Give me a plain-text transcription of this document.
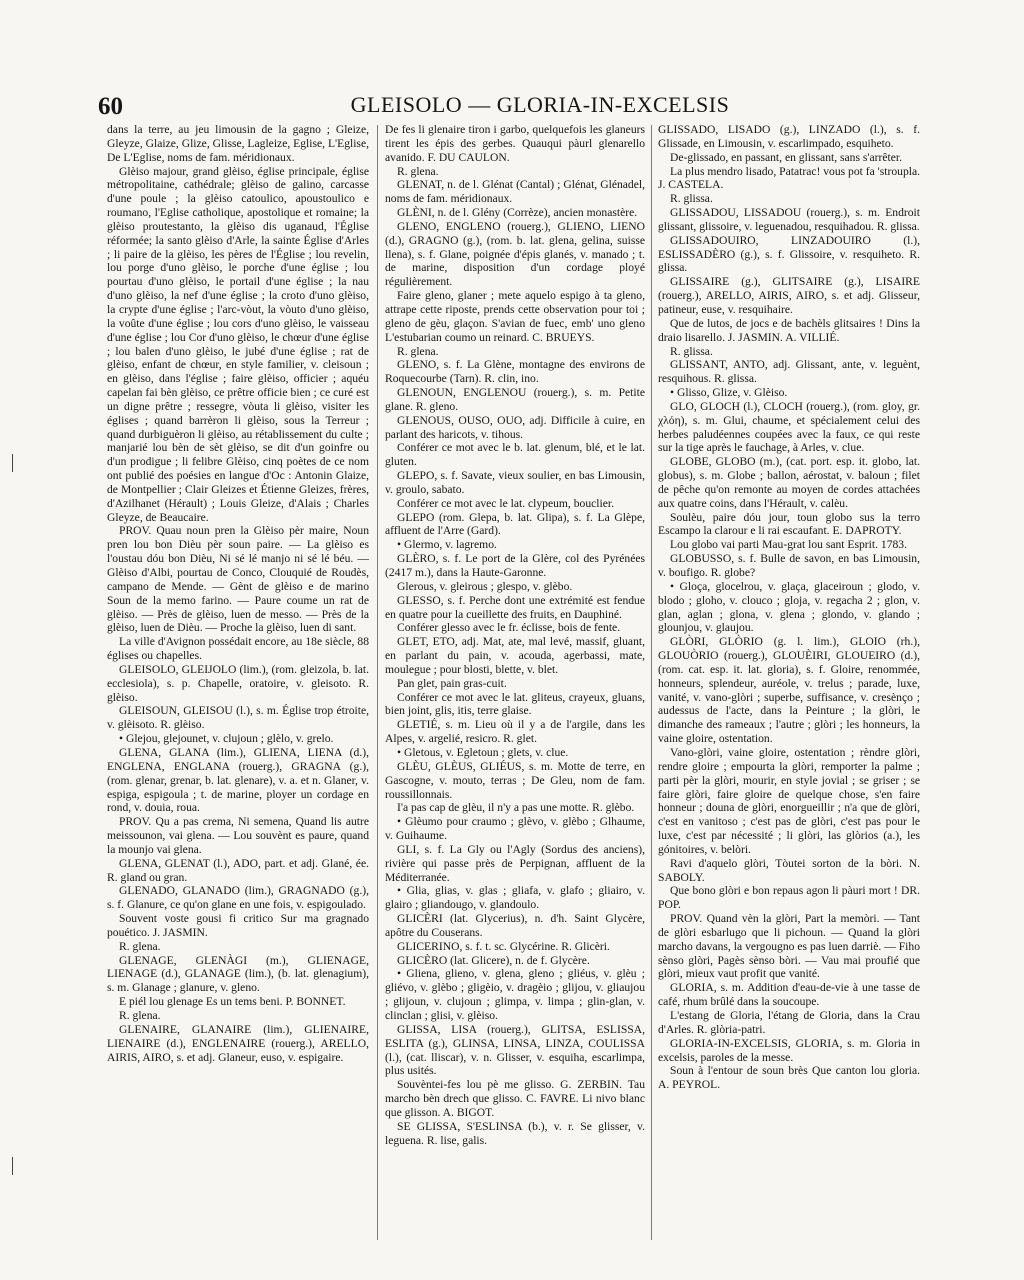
60	GLEISOLO — GLORIA-IN-EXCELSIS

dans la terre, au jeu limousin de la gagno ; Gleize, Gleyze, Glaize, Glize, Glisse, Lagleize, Eglise, L'Eglise, De L'Eglise, noms de fam. méridionaux.

Glèiso majour, grand glèiso, église principale, église métropolitaine, cathédrale; glèiso de galino, carcasse d'une poule ; la glèiso catoulico, apoustoulico e roumano, l'Eglise catholique, apostolique et romaine; la glèiso proutestanto, la glèiso dis uganaud, l'Église réformée; la santo glèiso d'Arle, la sainte Église d'Arles ; li paire de la glèiso, les pères de l'Église ; lou revelin, lou porge d'uno glèiso, le porche d'une église ; lou pourtau d'uno glèiso, le portail d'une église ; la nau d'uno glèiso, la nef d'une église ; la croto d'uno glèiso, la crypte d'une église ; l'arc-vòut, la vòuto d'uno glèiso, la voûte d'une église ; lou cors d'uno glèiso, le vaisseau d'une église ; lou Cor d'uno glèiso, le chœur d'une église ; lou balen d'uno glèiso, le jubé d'une église ; rat de glèiso, enfant de chœur, en style familier, v. cleisoun ; en glèiso, dans l'église ; faire glèiso, officier ; aquéu capelan fai bèn glèiso, ce prêtre officie bien ; ce curé est un digne prêtre ; ressegre, vòuta li glèiso, visiter les églises ; quand barrèron li glèiso, sous la Terreur ; quand durbiguèron li glèiso, au rétablissement du culte ; manjarié lou bèn de sèt glèiso, se dit d'un goinfre ou d'un prodigue ; li felibre Glèiso, cinq poètes de ce nom ont publié des poésies en langue d'Oc : Antonin Glaize, de Montpellier ; Clair Gleizes et Étienne Gleizes, frères, d'Azilhanet (Hérault) ; Louis Gleize, d'Alais ; Charles Gleyze, de Beaucaire.

PROV. Quau noun pren la Glèiso pèr maire, Noun pren lou bon Dièu pèr soun paire. — La glèiso es l'oustau dóu bon Dièu, Ni sé lé manjo ni sé lé béu. — Glèiso d'Albi, pourtau de Conco, Clouquié de Roudès, campano de Mende. — Gènt de glèiso e de marino Soun de la memo farino. — Paure coume un rat de glèiso. — Près de glèiso, luen de messo. — Près de la glèiso, luen de Dièu. — Proche la glèiso, luen di sant.

La ville d'Avignon possédait encore, au 18e siècle, 88 églises ou chapelles.

GLEISOLO, GLEIJOLO (lim.), (rom. gleizola, b. lat. ecclesiola), s. p. Chapelle, oratoire, v. gleisoto. R. glèiso.

GLEISOUN, GLEISOU (l.), s. m. Église trop étroite, v. glèisoto. R. glèiso.

• Glejou, glejounet, v. clujoun ; glèlo, v. grelo.

GLENA, GLANA (lim.), GLIENA, LIENA (d.), ENGLENA, ENGLANA (rouerg.), GRAGNA (g.), (rom. glenar, grenar, b. lat. glenare), v. a. et n. Glaner, v. espiga, espigoula ; t. de marine, ployer un cordage en rond, v. douia, roua.

PROV. Qu a pas crema, Ni semena, Quand lis autre meissounon, vai glena. — Lou souvènt es paure, quand la mounjo vai glena.

GLENA, GLENAT (l.), ADO, part. et adj. Glané, ée. R. gland ou gran.

GLENADO, GLANADO (lim.), GRAGNADO (g.), s. f. Glanure, ce qu'on glane en une fois, v. espigoulado.

Souvent voste gousi fi critico Sur ma gragnado pouético. J. JASMIN.

R. glena.

GLENAGE, GLENÀGI (m.), GLIENAGE, LIENAGE (d.), GLANAGE (lim.), (b. lat. glenagium), s. m. Glanage ; glanure, v. gleno.

E piél lou glenage Es un tems beni. P. BONNET.

R. glena.

GLENAIRE, GLANAIRE (lim.), GLIENAIRE, LIENAIRE (d.), ENGLENAIRE (rouerg.), ARELLO, AIRIS, AIRO, s. et adj. Glaneur, euso, v. espigaire.

De fes li glenaire tiron i garbo, quelquefois les glaneurs tirent les épis des gerbes. Quauqui pàurl glenarello avanido. F. DU CAULON.

R. glena.

GLENAT, n. de l. Glénat (Cantal) ; Glénat, Glénadel, noms de fam. méridionaux.

GLÈNI, n. de l. Glény (Corrèze), ancien monastère.

GLENO, ENGLENO (rouerg.), GLIENO, LIENO (d.), GRAGNO (g.), (rom. b. lat. glena, gelina, suisse llena), s. f. Glane, poignée d'épis glanés, v. manado ; t. de marine, disposition d'un cordage ployé régulièrement.

Faire gleno, glaner ; mete aquelo espigo à ta gleno, attrape cette riposte, prends cette observation pour toi ; gleno de gèu, glaçon. S'avian de fuec, emb' uno gleno L'estubarian coumo un reinard. C. BRUEYS.

R. glena.

GLENO, s. f. La Glène, montagne des environs de Roquecourbe (Tarn). R. clin, ino.

GLENOUN, ENGLENOU (rouerg.), s. m. Petite glane. R. gleno.

GLENOUS, OUSO, OUO, adj. Difficile à cuire, en parlant des haricots, v. tihous.

Conférer ce mot avec le b. lat. glenum, blé, et le lat. gluten.

GLEPO, s. f. Savate, vieux soulier, en bas Limousin, v. groulo, sabato.

Conférer ce mot avec le lat. clypeum, bouclier.

GLEPO (rom. Glepa, b. lat. Glipa), s. f. La Glèpe, affluent de l'Arre (Gard).

• Glermo, v. lagremo.

GLÈRO, s. f. Le port de la Glère, col des Pyrénées (2417 m.), dans la Haute-Garonne.

Glerous, v. gleirous ; glespo, v. glèbo.

GLESSO, s. f. Perche dont une extrémité est fendue en quatre pour la cueillette des fruits, en Dauphiné.

Conférer glesso avec le fr. éclisse, bois de fente.

GLET, ETO, adj. Mat, ate, mal levé, massif, gluant, en parlant du pain, v. acouda, agerbassi, mate, moulegue ; pour blosti, blette, v. blet.

Pan glet, pain gras-cuit.

Conférer ce mot avec le lat. gliteus, crayeux, gluans, bien joint, glis, itis, terre glaise.

GLETIÉ, s. m. Lieu où il y a de l'argile, dans les Alpes, v. argelié, resicro. R. glet.

• Gletous, v. Egletoun ; glets, v. clue.

GLÈU, GLÈUS, GLIÉUS, s. m. Motte de terre, en Gascogne, v. mouto, terras ; De Gleu, nom de fam. roussillonnais.

I'a pas cap de glèu, il n'y a pas une motte. R. glèbo.

• Glèumo pour craumo ; glèvo, v. glèbo ; Glhaume, v. Guihaume.

GLI, s. f. La Gly ou l'Agly (Sordus des anciens), rivière qui passe près de Perpignan, affluent de la Méditerranée.

• Glia, glias, v. glas ; gliafa, v. glafo ; gliairo, v. glairo ; gliandougo, v. glandoulo.

GLICÈRI (lat. Glycerius), n. d'h. Saint Glycère, apôtre du Couserans.

GLICERINO, s. f. t. sc. Glycérine. R. Glicèri.

GLICÈRO (lat. Glicere), n. de f. Glycère.

• Glienа, glieno, v. glena, gleno ; gliéus, v. glèu ; gliévo, v. glèbo ; gligèio, v. dragèio ; glijou, v. gliaujou ; glijoun, v. clujoun ; glimpa, v. limpa ; glin-glan, v. clinclan ; glisi, v. glèiso.

GLISSA, LISA (rouerg.), GLITSA, ESLISSA, ESLITA (g.), GLINSA, LINSA, LINZA, COULISSA (l.), (cat. lliscar), v. n. Glisser, v. esquiha, escarlimpa, plus usités.

Souvèntei-fes lou pè me glisso. G. ZERBIN. Tau marcho bèn drech que glisso. C. FAVRE. Li nivo blanc que glisson. A. BIGOT.

SE GLISSA, S'ESLINSA (b.), v. r. Se glisser, v. leguena. R. lise, galis.

GLISSADO, LISADO (g.), LINZADO (l.), s. f. Glissade, en Limousin, v. escarlimpado, esquiheto.

De-glissado, en passant, en glissant, sans s'arrêter.

La plus mendro lisado, Patatrac! vous pot fa 'stroupla. J. CASTELA.

R. glissa.

GLISSADOU, LISSADOU (rouerg.), s. m. Endroit glissant, glissoire, v. leguenadou, resquihadou. R. glissa.

GLISSADOUIRO, LINZADOUIRO (l.), ESLISSADÈRO (g.), s. f. Glissoire, v. resquiheto. R. glissa.

GLISSAIRE (g.), GLITSAIRE (g.), LISAIRE (rouerg.), ARELLO, AIRIS, AIRO, s. et adj. Glisseur, patineur, euse, v. resquihaire.

Que de lutos, de jocs e de bachèls glitsaires ! Dins la draio lisarello. J. JASMIN. A. VILLIÉ.

R. glissa.

GLISSANT, ANTO, adj. Glissant, ante, v. leguènt, resquihous. R. glissa.

• Glisso, Glize, v. Glèiso.

GLO, GLOCH (l.), CLOCH (rouerg.), (rom. gloy, gr. χλόη), s. m. Glui, chaume, et spécialement celui des herbes paludéennes coupées avec la faux, ce qui reste sur la tige après le fauchage, à Arles, v. clue.

GLOBE, GLOBO (m.), (cat. port. esp. it. globo, lat. globus), s. m. Globe ; ballon, aérostat, v. baloun ; filet de pêche qu'on remonte au moyen de cordes attachées aux quatre coins, dans l'Hérault, v. calèu.

Soulèu, paire dóu jour, toun globo sus la terro Escampo la clarour e li rai escaufant. E. DAPROTY.

Lou globo vai parti Mau-grat lou sant Esprit. 1783.

GLOBUSSO, s. f. Bulle de savon, en bas Limousin, v. boufigo. R. globe?

• Gloça, glocelrou, v. glaça, glaceiroun ; glodo, v. blodo ; gloho, v. clouco ; gloja, v. regacha 2 ; glon, v. glan, aglan ; glona, v. glena ; glondo, v. glando ; glounjou, v. glaujou.

GLÒRI, GLÒRIO (g. l. lim.), GLOIO (rh.), GLOUÒRIO (rouerg.), GLOUÈIRI, GLOUEIRO (d.), (rom. cat. esp. it. lat. gloria), s. f. Gloire, renommée, honneurs, splendeur, auréole, v. trelus ; parade, luxe, vanité, v. vano-glòri ; superbe, suffisance, v. cresènço ; audessus de l'acte, dans la Peinture ; la glòri, le dimanche des rameaux ; l'autre ; glòri ; les honneurs, la vaine gloire, ostentation.

Vano-glòri, vaine gloire, ostentation ; rèndre glòri, rendre gloire ; empourta la glòri, remporter la palme ; parti pèr la glòri, mourir, en style jovial ; se griser ; se faire glòri, faire gloire de quelque chose, s'en faire honneur ; douna de glòri, enorgueillir ; n'a que de glòri, c'est en vanitoso ; c'est pas de glòri, c'est pas pour le luxe, c'est par nécessité ; li glòri, las glòrios (a.), les gónitoires, v. belòri.

Ravi d'aquelo glòri, Tòutei sorton de la bòri. N. SABOLY.

Que bono glòri e bon repaus agon li pàuri mort ! DR. POP.

PROV. Quand vèn la glòri, Part la memòri. — Tant de glòri esbarlugo que li pichoun. — Quand la glòri marcho davans, la vergougno es pas luen darriè. — Fiho sènso glòri, Pagès sènso bòri. — Vau mai proufié que glòri, mieux vaut profit que vanité.

GLORIA, s. m. Addition d'eau-de-vie à une tasse de café, rhum brûlé dans la soucoupe.

L'estang de Gloria, l'étang de Gloria, dans la Crau d'Arles. R. glòria-patri.

GLORIA-IN-EXCELSIS, GLORIA, s. m. Gloria in excelsis, paroles de la messe.

Soun à l'entour de soun brès Que canton lou gloria. A. PEYROL.
